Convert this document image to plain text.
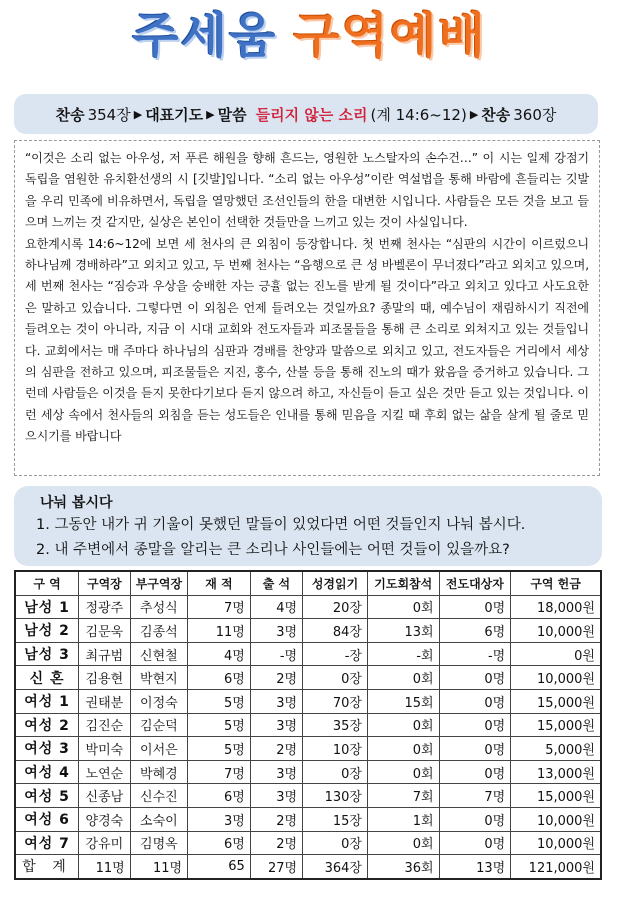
주세움 구역예배
찬송 354장 ▶ 대표기도 ▶ 말씀 들리지 않는 소리 (계 14:6~12) ▶ 찬송 360장

“이것은 소리 없는 아우성, 저 푸른 해원을 향해 흔드는, 영원한 노스탈자의 손수건…” 이 시는 일제 강점기 독립을 염원한 유치환선생의 시 [깃발]입니다. “소리 없는 아우성”이란 역설법을 통해 바람에 흔들리는 깃발을 우리 민족에 비유하면서, 독립을 열망했던 조선인들의 한을 대변한 시입니다. 사람들은 모든 것을 보고 들으며 느끼는 것 같지만, 실상은 본인이 선택한 것들만을 느끼고 있는 것이 사실입니다.

요한계시록 14:6~12에 보면 세 천사의 큰 외침이 등장합니다. 첫 번째 천사는 “심판의 시간이 이르렀으니 하나님께 경배하라”고 외치고 있고, 두 번째 천사는 “음행으로 큰 성 바벨론이 무너졌다”라고 외치고 있으며, 세 번째 천사는 “짐승과 우상을 숭배한 자는 긍휼 없는 진노를 받게 될 것이다”라고 외치고 있다고 사도요한은 말하고 있습니다. 그렇다면 이 외침은 언제 들려오는 것일까요? 종말의 때, 예수님이 재림하시기 직전에 들려오는 것이 아니라, 지금 이 시대 교회와 전도자들과 피조물들을 통해 큰 소리로 외쳐지고 있는 것들입니다. 교회에서는 매 주마다 하나님의 심판과 경배를 찬양과 말씀으로 외치고 있고, 전도자들은 거리에서 세상의 심판을 전하고 있으며, 피조물들은 지진, 홍수, 산불 등을 통해 진노의 때가 왔음을 증거하고 있습니다. 그런데 사람들은 이것을 듣지 못한다기보다 듣지 않으려 하고, 자신들이 듣고 싶은 것만 듣고 있는 것입니다. 이런 세상 속에서 천사들의 외침을 듣는 성도들은 인내를 통해 믿음을 지킬 때 후회 없는 삶을 살게 될 줄로 믿으시기를 바랍니다

나눠 봅시다
1. 그동안 내가 귀 기울이 못했던 말들이 있었다면 어떤 것들인지 나눠 봅시다.
2. 내 주변에서 종말을 알리는 큰 소리나 사인들에는 어떤 것들이 있을까요?
구 역	구역장	부구역장	재 적	출 석	성경읽기	기도회참석	전도대상자	구역 헌금
남성 1	정광주	추성식	7명	4명	20장	0회	0명	18,000원
남성 2	김문욱	김종석	11명	3명	84장	13회	6명	10,000원
남성 3	최규범	신현철	4명	-명	-장	-회	-명	0원
신 혼	김용현	박현지	6명	2명	0장	0회	0명	10,000원
여성 1	권태분	이정숙	5명	3명	70장	15회	0명	15,000원
여성 2	김진순	김순덕	5명	3명	35장	0회	0명	15,000원
여성 3	박미숙	이서은	5명	2명	10장	0회	0명	5,000원
여성 4	노연순	박혜경	7명	3명	0장	0회	0명	13,000원
여성 5	신종남	신수진	6명	3명	130장	7회	7명	15,000원
여성 6	양경숙	소숙이	3명	2명	15장	1회	0명	10,000원
여성 7	강유미	김명옥	6명	2명	0장	0회	0명	10,000원
합 계	11명	11명	65	27명	364장	36회	13명	121,000원
